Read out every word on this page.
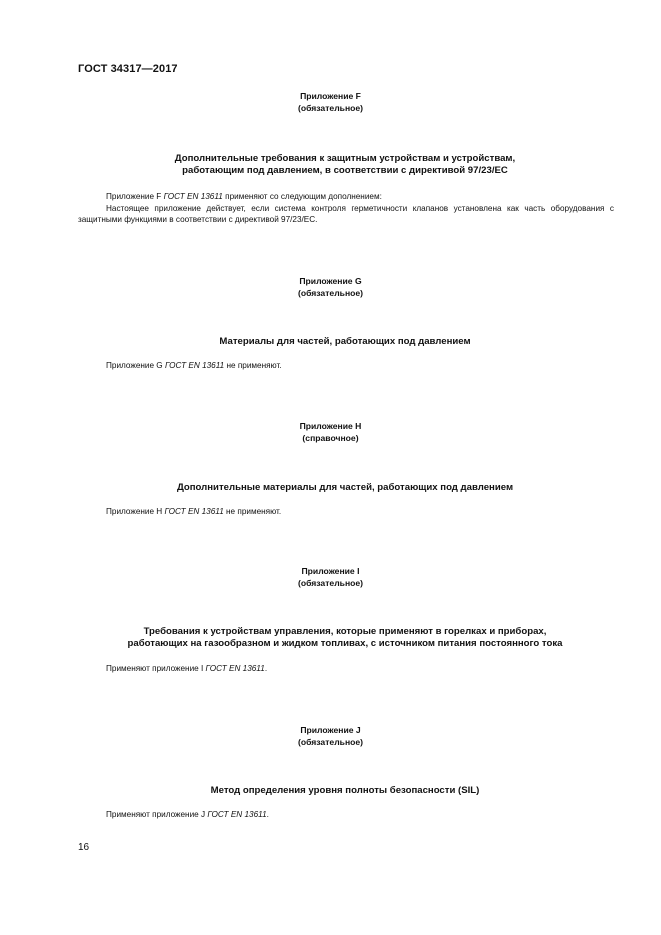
ГОСТ 34317—2017
Приложение F
(обязательное)
Дополнительные требования к защитным устройствам и устройствам,
работающим под давлением, в соответствии с директивой 97/23/EC

Приложение F ГОСТ EN 13611 применяют со следующим дополнением:

Настоящее приложение действует, если система контроля герметичности клапанов установлена как часть оборудования с защитными функциями в соответствии с директивой 97/23/EC.

Приложение G
(обязательное)
Материалы для частей, работающих под давлением

Приложение G ГОСТ EN 13611 не применяют.

Приложение H
(справочное)
Дополнительные материалы для частей, работающих под давлением

Приложение H ГОСТ EN 13611 не применяют.

Приложение I
(обязательное)
Требования к устройствам управления, которые применяют в горелках и приборах,
работающих на газообразном и жидком топливах, с источником питания постоянного тока

Применяют приложение I ГОСТ EN 13611.

Приложение J
(обязательное)
Метод определения уровня полноты безопасности (SIL)

Применяют приложение J ГОСТ EN 13611.

16
